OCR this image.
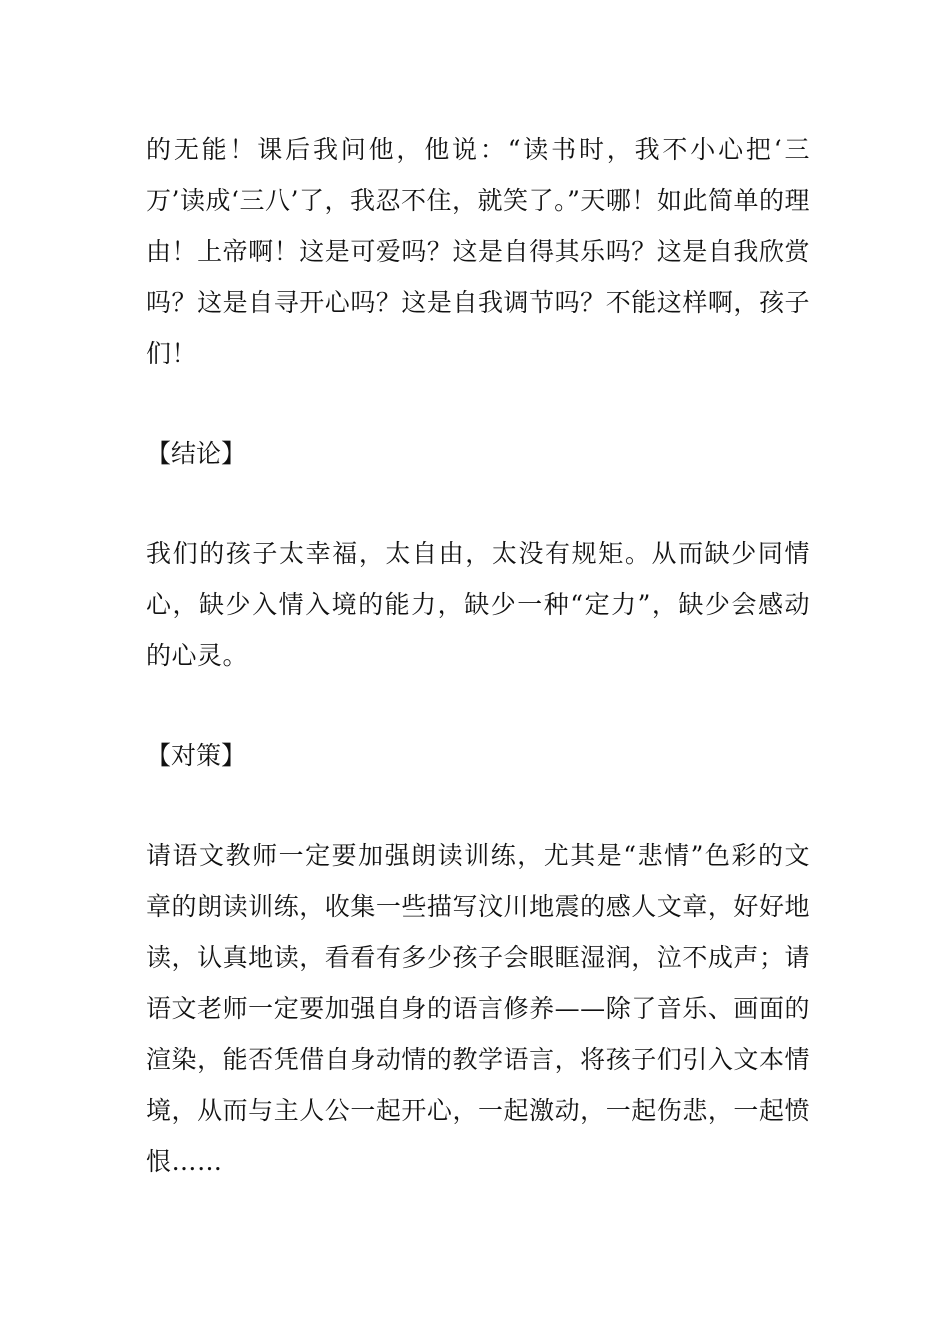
的无能！课后我问他，他说：“读书时，我不小心把‘三万’读成‘三八’了，我忍不住，就笑了。”天哪！如此简单的理由！上帝啊！这是可爱吗？这是自得其乐吗？这是自我欣赏吗？这是自寻开心吗？这是自我调节吗？不能这样啊，孩子们！

【结论】

我们的孩子太幸福，太自由，太没有规矩。从而缺少同情心，缺少入情入境的能力，缺少一种“定力”，缺少会感动的心灵。

【对策】

请语文教师一定要加强朗读训练，尤其是“悲情”色彩的文章的朗读训练，收集一些描写汶川地震的感人文章，好好地读，认真地读，看看有多少孩子会眼眶湿润，泣不成声；请语文老师一定要加强自身的语言修养——除了音乐、画面的渲染，能否凭借自身动情的教学语言，将孩子们引入文本情境，从而与主人公一起开心，一起激动，一起伤悲，一起愤恨……
